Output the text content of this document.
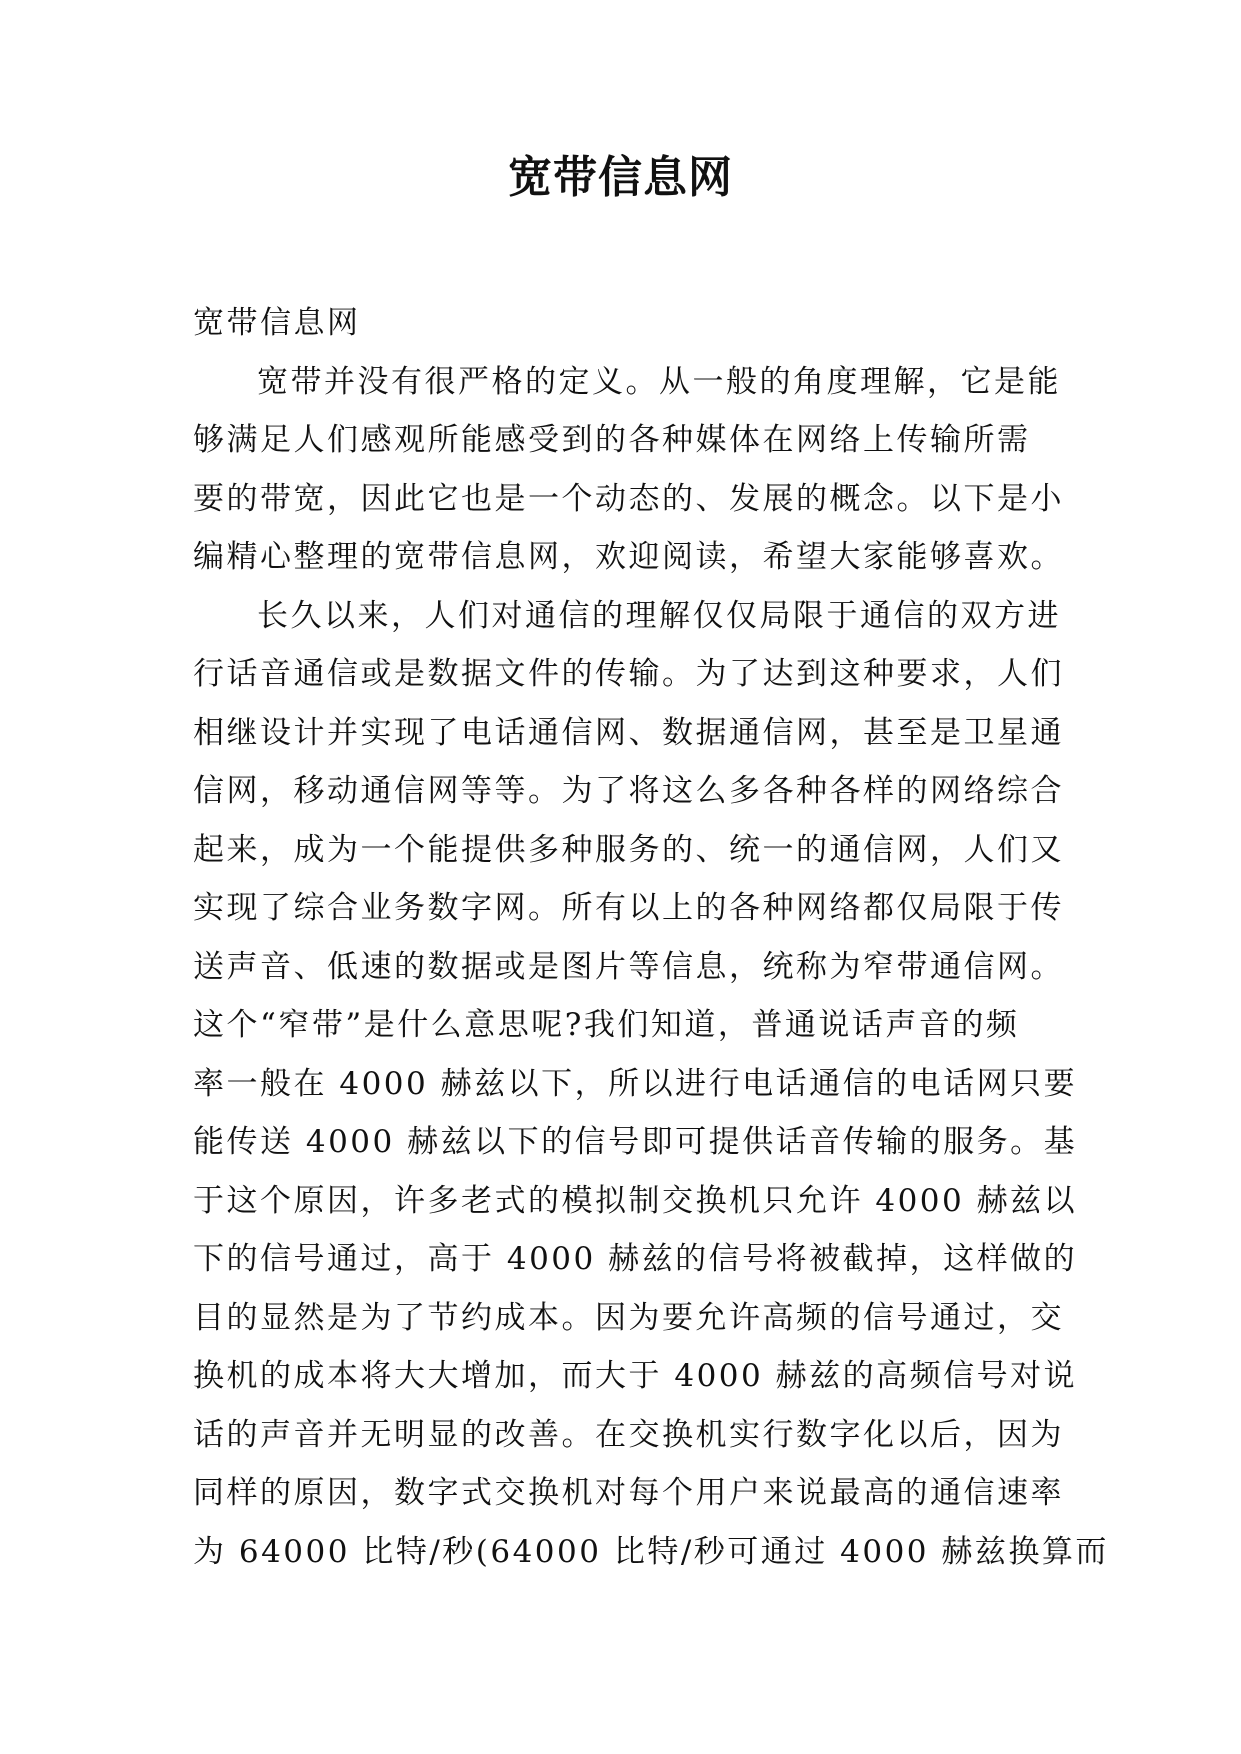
宽带信息网
宽带信息网
宽带并没有很严格的定义。从一般的角度理解，它是能
够满足人们感观所能感受到的各种媒体在网络上传输所需
要的带宽，因此它也是一个动态的、发展的概念。以下是小
编精心整理的宽带信息网，欢迎阅读，希望大家能够喜欢。
长久以来，人们对通信的理解仅仅局限于通信的双方进
行话音通信或是数据文件的传输。为了达到这种要求，人们
相继设计并实现了电话通信网、数据通信网，甚至是卫星通
信网，移动通信网等等。为了将这么多各种各样的网络综合
起来，成为一个能提供多种服务的、统一的通信网，人们又
实现了综合业务数字网。所有以上的各种网络都仅局限于传
送声音、低速的数据或是图片等信息，统称为窄带通信网。
这个“窄带”是什么意思呢?我们知道，普通说话声音的频
率一般在 4000 赫兹以下，所以进行电话通信的电话网只要
能传送 4000 赫兹以下的信号即可提供话音传输的服务。基
于这个原因，许多老式的模拟制交换机只允许 4000 赫兹以
下的信号通过，高于 4000 赫兹的信号将被截掉，这样做的
目的显然是为了节约成本。因为要允许高频的信号通过，交
换机的成本将大大增加，而大于 4000 赫兹的高频信号对说
话的声音并无明显的改善。在交换机实行数字化以后，因为
同样的原因，数字式交换机对每个用户来说最高的通信速率
为 64000 比特/秒(64000 比特/秒可通过 4000 赫兹换算而
